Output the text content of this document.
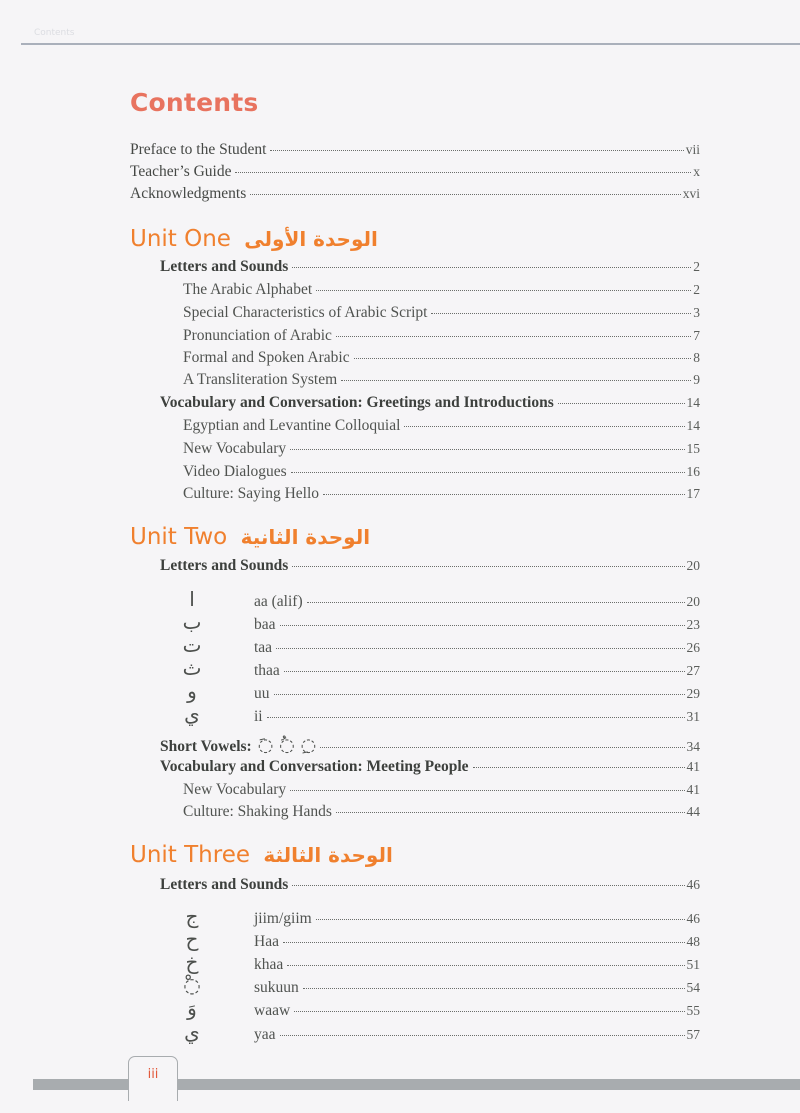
Contents
Contents
Preface to the Student	vii
Teacher’s Guide	x
Acknowledgments	xvi
Unit One الوحدة الأولى
Letters and Sounds	2
The Arabic Alphabet	2
Special Characteristics of Arabic Script	3
Pronunciation of Arabic	7
Formal and Spoken Arabic	8
A Transliteration System	9
Vocabulary and Conversation: Greetings and Introductions	14
Egyptian and Levantine Colloquial	14
New Vocabulary	15
Video Dialogues	16
Culture: Saying Hello	17
Unit Two الوحدة الثانية
Letters and Sounds	20
ا	aa (alif)	20
ب	baa	23
ت	taa	26
ث	thaa	27
و	uu	29
ي	ii	31
Short Vowels: ◌َ ◌ُ ◌ِ	34
Vocabulary and Conversation: Meeting People	41
New Vocabulary	41
Culture: Shaking Hands	44
Unit Three الوحدة الثالثة
Letters and Sounds	46
ج	jiim/giim	46
ح	Haa	48
خ	khaa	51
◌ْ	sukuun	54
وَ	waaw	55
ي	yaa	57
iii
